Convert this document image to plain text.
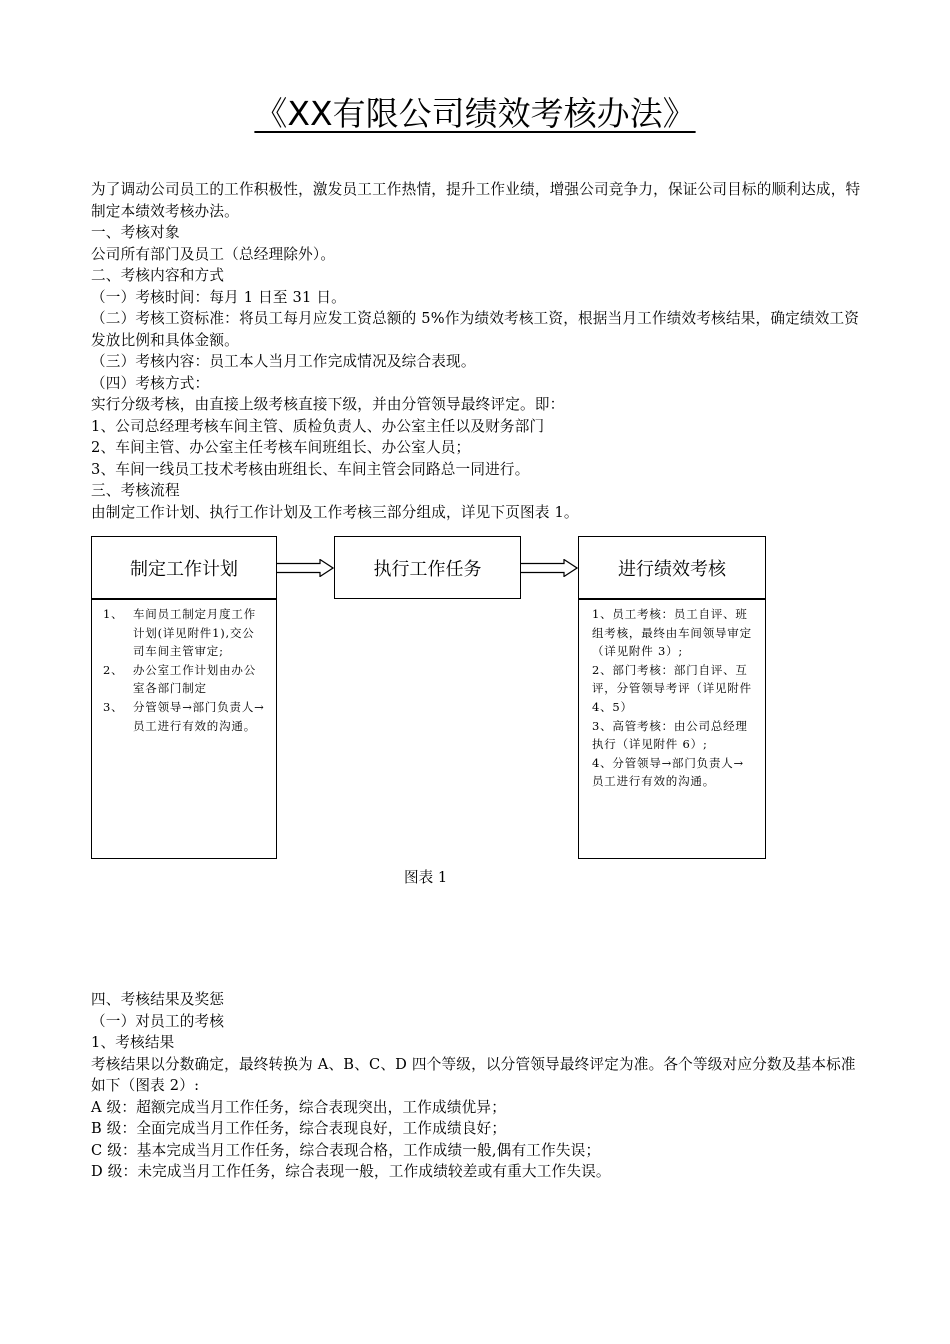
《XX有限公司绩效考核办法》

为了调动公司员工的工作积极性，激发员工工作热情，提升工作业绩，增强公司竞争力，保证公司目标的顺利达成，特制定本绩效考核办法。

一、考核对象

公司所有部门及员工（总经理除外）。

二、考核内容和方式

（一）考核时间：每月 1 日至 31 日。

（二）考核工资标准：将员工每月应发工资总额的 5%作为绩效考核工资，根据当月工作绩效考核结果，确定绩效工资发放比例和具体金额。

（三）考核内容：员工本人当月工作完成情况及综合表现。

（四）考核方式：

实行分级考核，由直接上级考核直接下级，并由分管领导最终评定。即：

1、公司总经理考核车间主管、质检负责人、办公室主任以及财务部门

2、车间主管、办公室主任考核车间班组长、办公室人员；

3、车间一线员工技术考核由班组长、车间主管会同路总一同进行。

三、考核流程

由制定工作计划、执行工作计划及工作考核三部分组成，详见下页图表 1。

制定工作计划	执行工作任务	进行绩效考核
1、 车间员工制定月度工作计划(详见附件1),交公司车间主管审定;
2、 办公室工作计划由办公室各部门制定
3、 分管领导→部门负责人→员工进行有效的沟通。
1、员工考核：员工自评、班组考核，最终由车间领导审定（详见附件 3）;
2、部门考核：部门自评、互评，分管领导考评（详见附件 4、5）
3、高管考核：由公司总经理执行（详见附件 6）;
4、分管领导→部门负责人→员工进行有效的沟通。
图表 1

四、考核结果及奖惩

（一）对员工的考核

1、考核结果

考核结果以分数确定，最终转换为 A、B、C、D 四个等级，以分管领导最终评定为准。各个等级对应分数及基本标准如下（图表 2）:

A 级：超额完成当月工作任务，综合表现突出，工作成绩优异；

B 级：全面完成当月工作任务，综合表现良好，工作成绩良好；

C 级：基本完成当月工作任务，综合表现合格，工作成绩一般,偶有工作失误；

D 级：未完成当月工作任务，综合表现一般，工作成绩较差或有重大工作失误。
